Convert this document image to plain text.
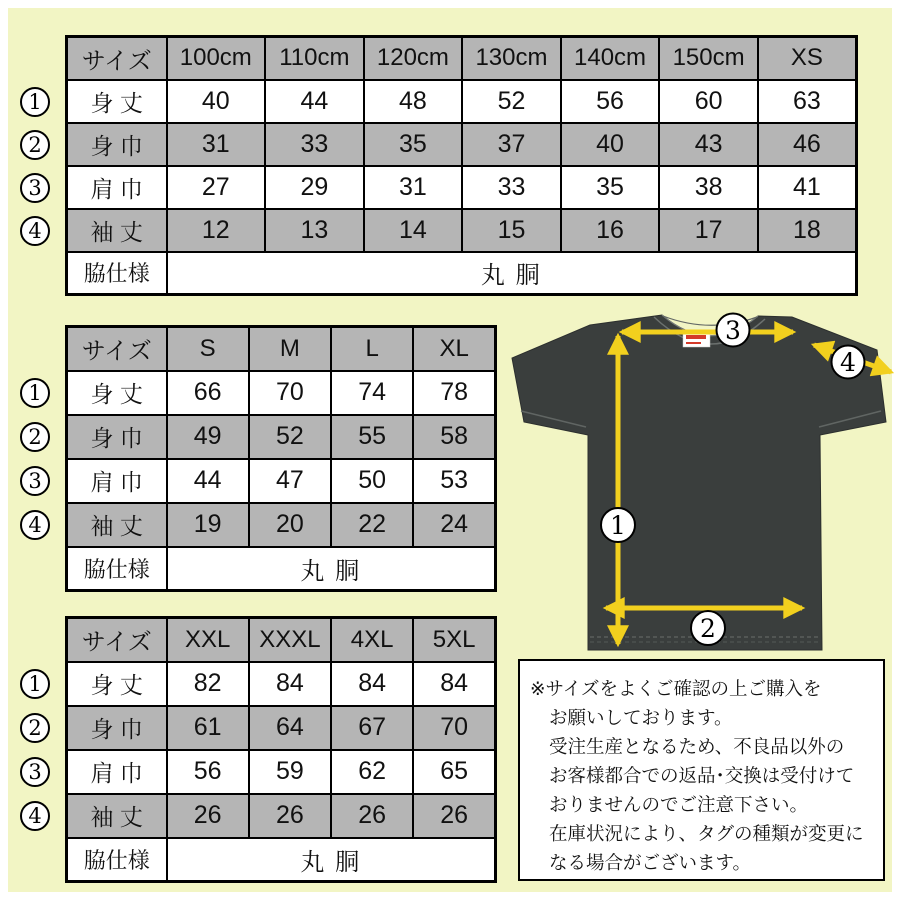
サイズ	100cm	110cm	120cm	130cm	140cm	150cm	XS
身 丈	40	44	48	52	56	60	63
身 巾	31	33	35	37	40	43	46
肩 巾	27	29	31	33	35	38	41
袖 丈	12	13	14	15	16	17	18
脇仕様	丸 胴						
1
2
3
4
サイズ	S	M	L	XL
身 丈	66	70	74	78
身 巾	49	52	55	58
肩 巾	44	47	50	53
袖 丈	19	20	22	24
脇仕様	丸 胴			
1
2
3
4
サイズ	XXL	XXXL	4XL	5XL
身 丈	82	84	84	84
身 巾	61	64	67	70
肩 巾	56	59	62	65
袖 丈	26	26	26	26
脇仕様	丸 胴			
1
2
3
4
3
4
1
2
※サイズをよくご確認の上ご購入を
お願いしております。
受注生産となるため、不良品以外の
お客様都合での返品･交換は受付けて
おりませんのでご注意下さい。
在庫状況により、タグの種類が変更に
なる場合がございます。
